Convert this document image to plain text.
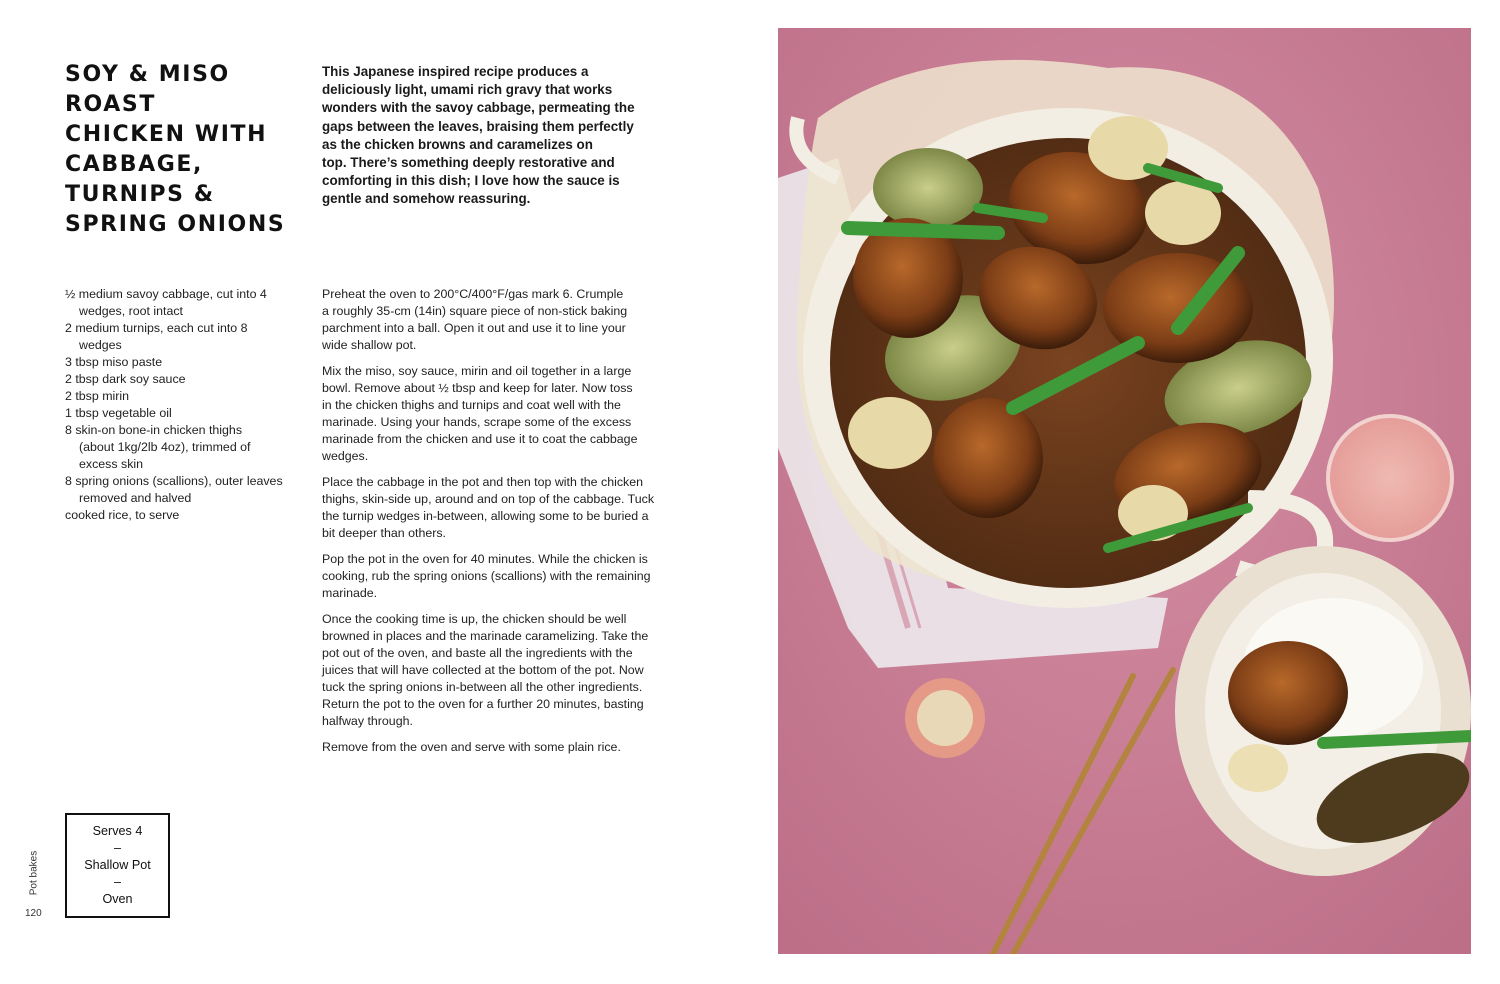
SOY & MISO
ROAST
CHICKEN WITH
CABBAGE,
TURNIPS &
SPRING ONIONS
This Japanese inspired recipe produces a
deliciously light, umami rich gravy that works
wonders with the savoy cabbage, permeating the
gaps between the leaves, braising them perfectly
as the chicken browns and caramelizes on
top. There’s something deeply restorative and
comforting in this dish; I love how the sauce is
gentle and somehow reassuring.
½ medium savoy cabbage, cut into 4
wedges, root intact
2 medium turnips, each cut into 8
wedges
3 tbsp miso paste
2 tbsp dark soy sauce
2 tbsp mirin
1 tbsp vegetable oil
8 skin-on bone-in chicken thighs
(about 1kg/2lb 4oz), trimmed of
excess skin
8 spring onions (scallions), outer leaves
removed and halved
cooked rice, to serve
Preheat the oven to 200°C/400°F/gas mark 6. Crumple
a roughly 35-cm (14in) square piece of non-stick baking
parchment into a ball. Open it out and use it to line your
wide shallow pot.
Mix the miso, soy sauce, mirin and oil together in a large
bowl. Remove about ½ tbsp and keep for later. Now toss
in the chicken thighs and turnips and coat well with the
marinade. Using your hands, scrape some of the excess
marinade from the chicken and use it to coat the cabbage
wedges.
Place the cabbage in the pot and then top with the chicken
thighs, skin-side up, around and on top of the cabbage. Tuck
the turnip wedges in-between, allowing some to be buried a
bit deeper than others.
Pop the pot in the oven for 40 minutes. While the chicken is
cooking, rub the spring onions (scallions) with the remaining
marinade.
Once the cooking time is up, the chicken should be well
browned in places and the marinade caramelizing. Take the
pot out of the oven, and baste all the ingredients with the
juices that will have collected at the bottom of the pot. Now
tuck the spring onions in-between all the other ingredients.
Return the pot to the oven for a further 20 minutes, basting
halfway through.
Remove from the oven and serve with some plain rice.
Serves 4
–
Shallow Pot
–
Oven
Pot bakes
120
